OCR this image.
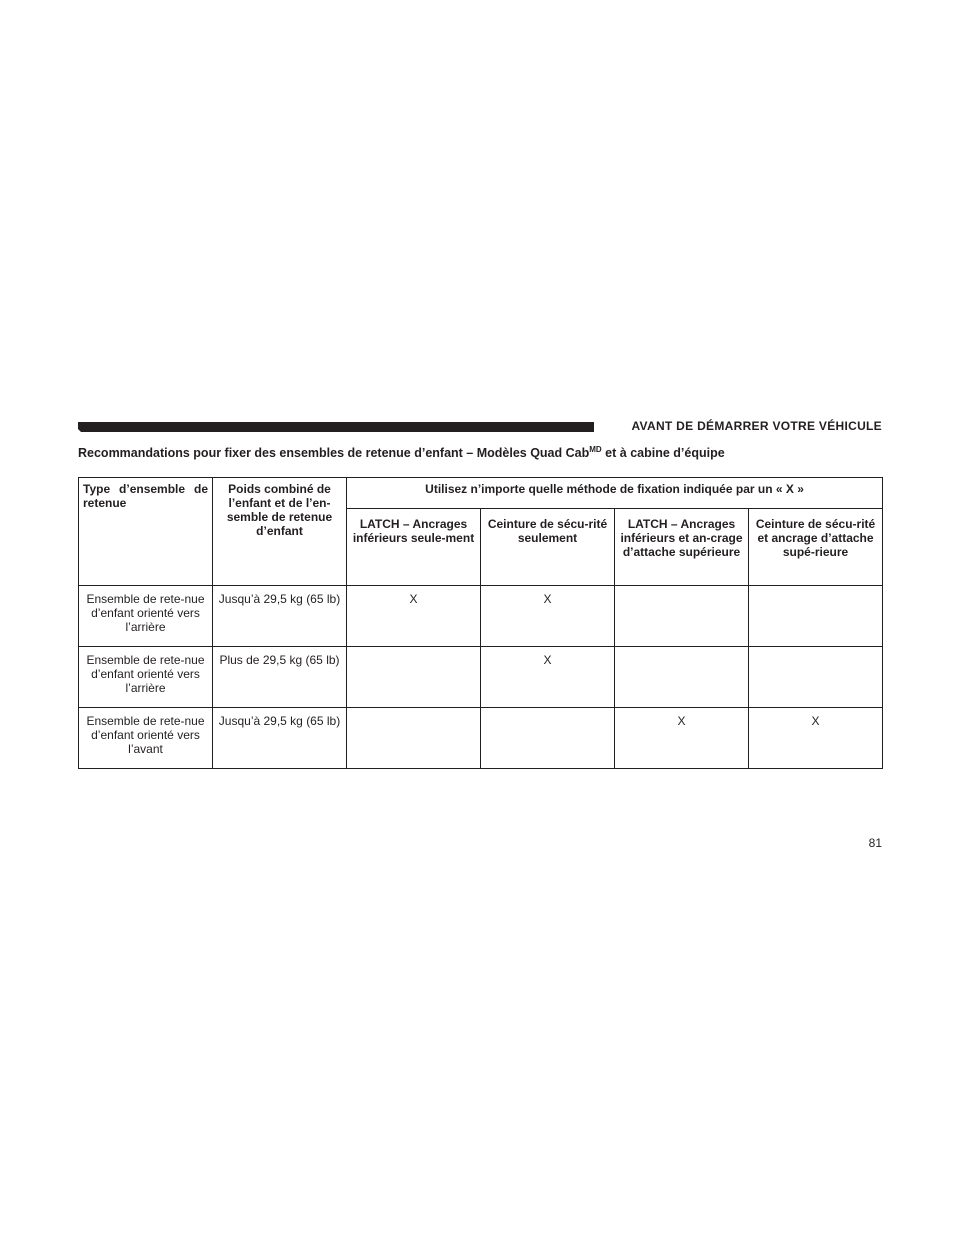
AVANT DE DÉMARRER VOTRE VÉHICULE
Recommandations pour fixer des ensembles de retenue d’enfant – Modèles Quad Cab$^{MD}$ et à cabine d’équipe
Type d’ensemble de retenue	Poids combiné de l’enfant et de l’en-semble de retenue d’enfant	Utilisez n’importe quelle méthode de fixation indiquée par un « X »			
		LATCH – Ancrages inférieurs seule-ment	Ceinture de sécu-rité seulement	LATCH – Ancrages inférieurs et an-crage d’attache supérieure	Ceinture de sécu-rité et ancrage d’attache supé-rieure
Ensemble de rete-nue d’enfant orienté vers l’arrière	Jusqu’à 29,5 kg (65 lb)	X	X		
Ensemble de rete-nue d’enfant orienté vers l’arrière	Plus de 29,5 kg (65 lb)		X		
Ensemble de rete-nue d’enfant orienté vers l’avant	Jusqu’à 29,5 kg (65 lb)			X	X
81
